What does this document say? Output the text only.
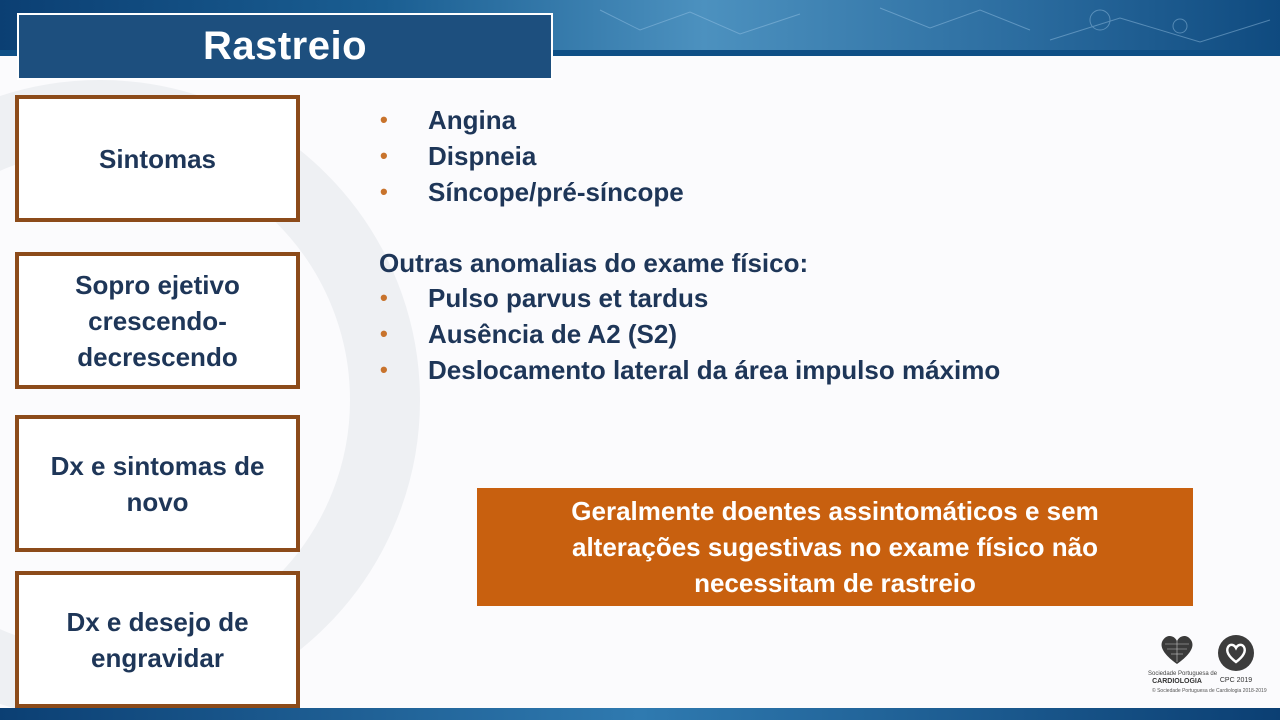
Rastreio
Sintomas
Sopro ejetivo crescendo-decrescendo
Dx e sintomas de novo
Dx e desejo de engravidar
• Angina
• Dispneia
• Síncope/pré-síncope
Outras anomalias do exame físico:
• Pulso parvus et tardus
• Ausência de A2 (S2)
• Deslocamento lateral da área impulso máximo
Geralmente doentes assintomáticos e sem alterações sugestivas no exame físico não necessitam de rastreio
Sociedade Portuguesa de
CARDIOLOGIA	CPC 2019
© Sociedade Portuguesa de Cardiologia 2018-2019
